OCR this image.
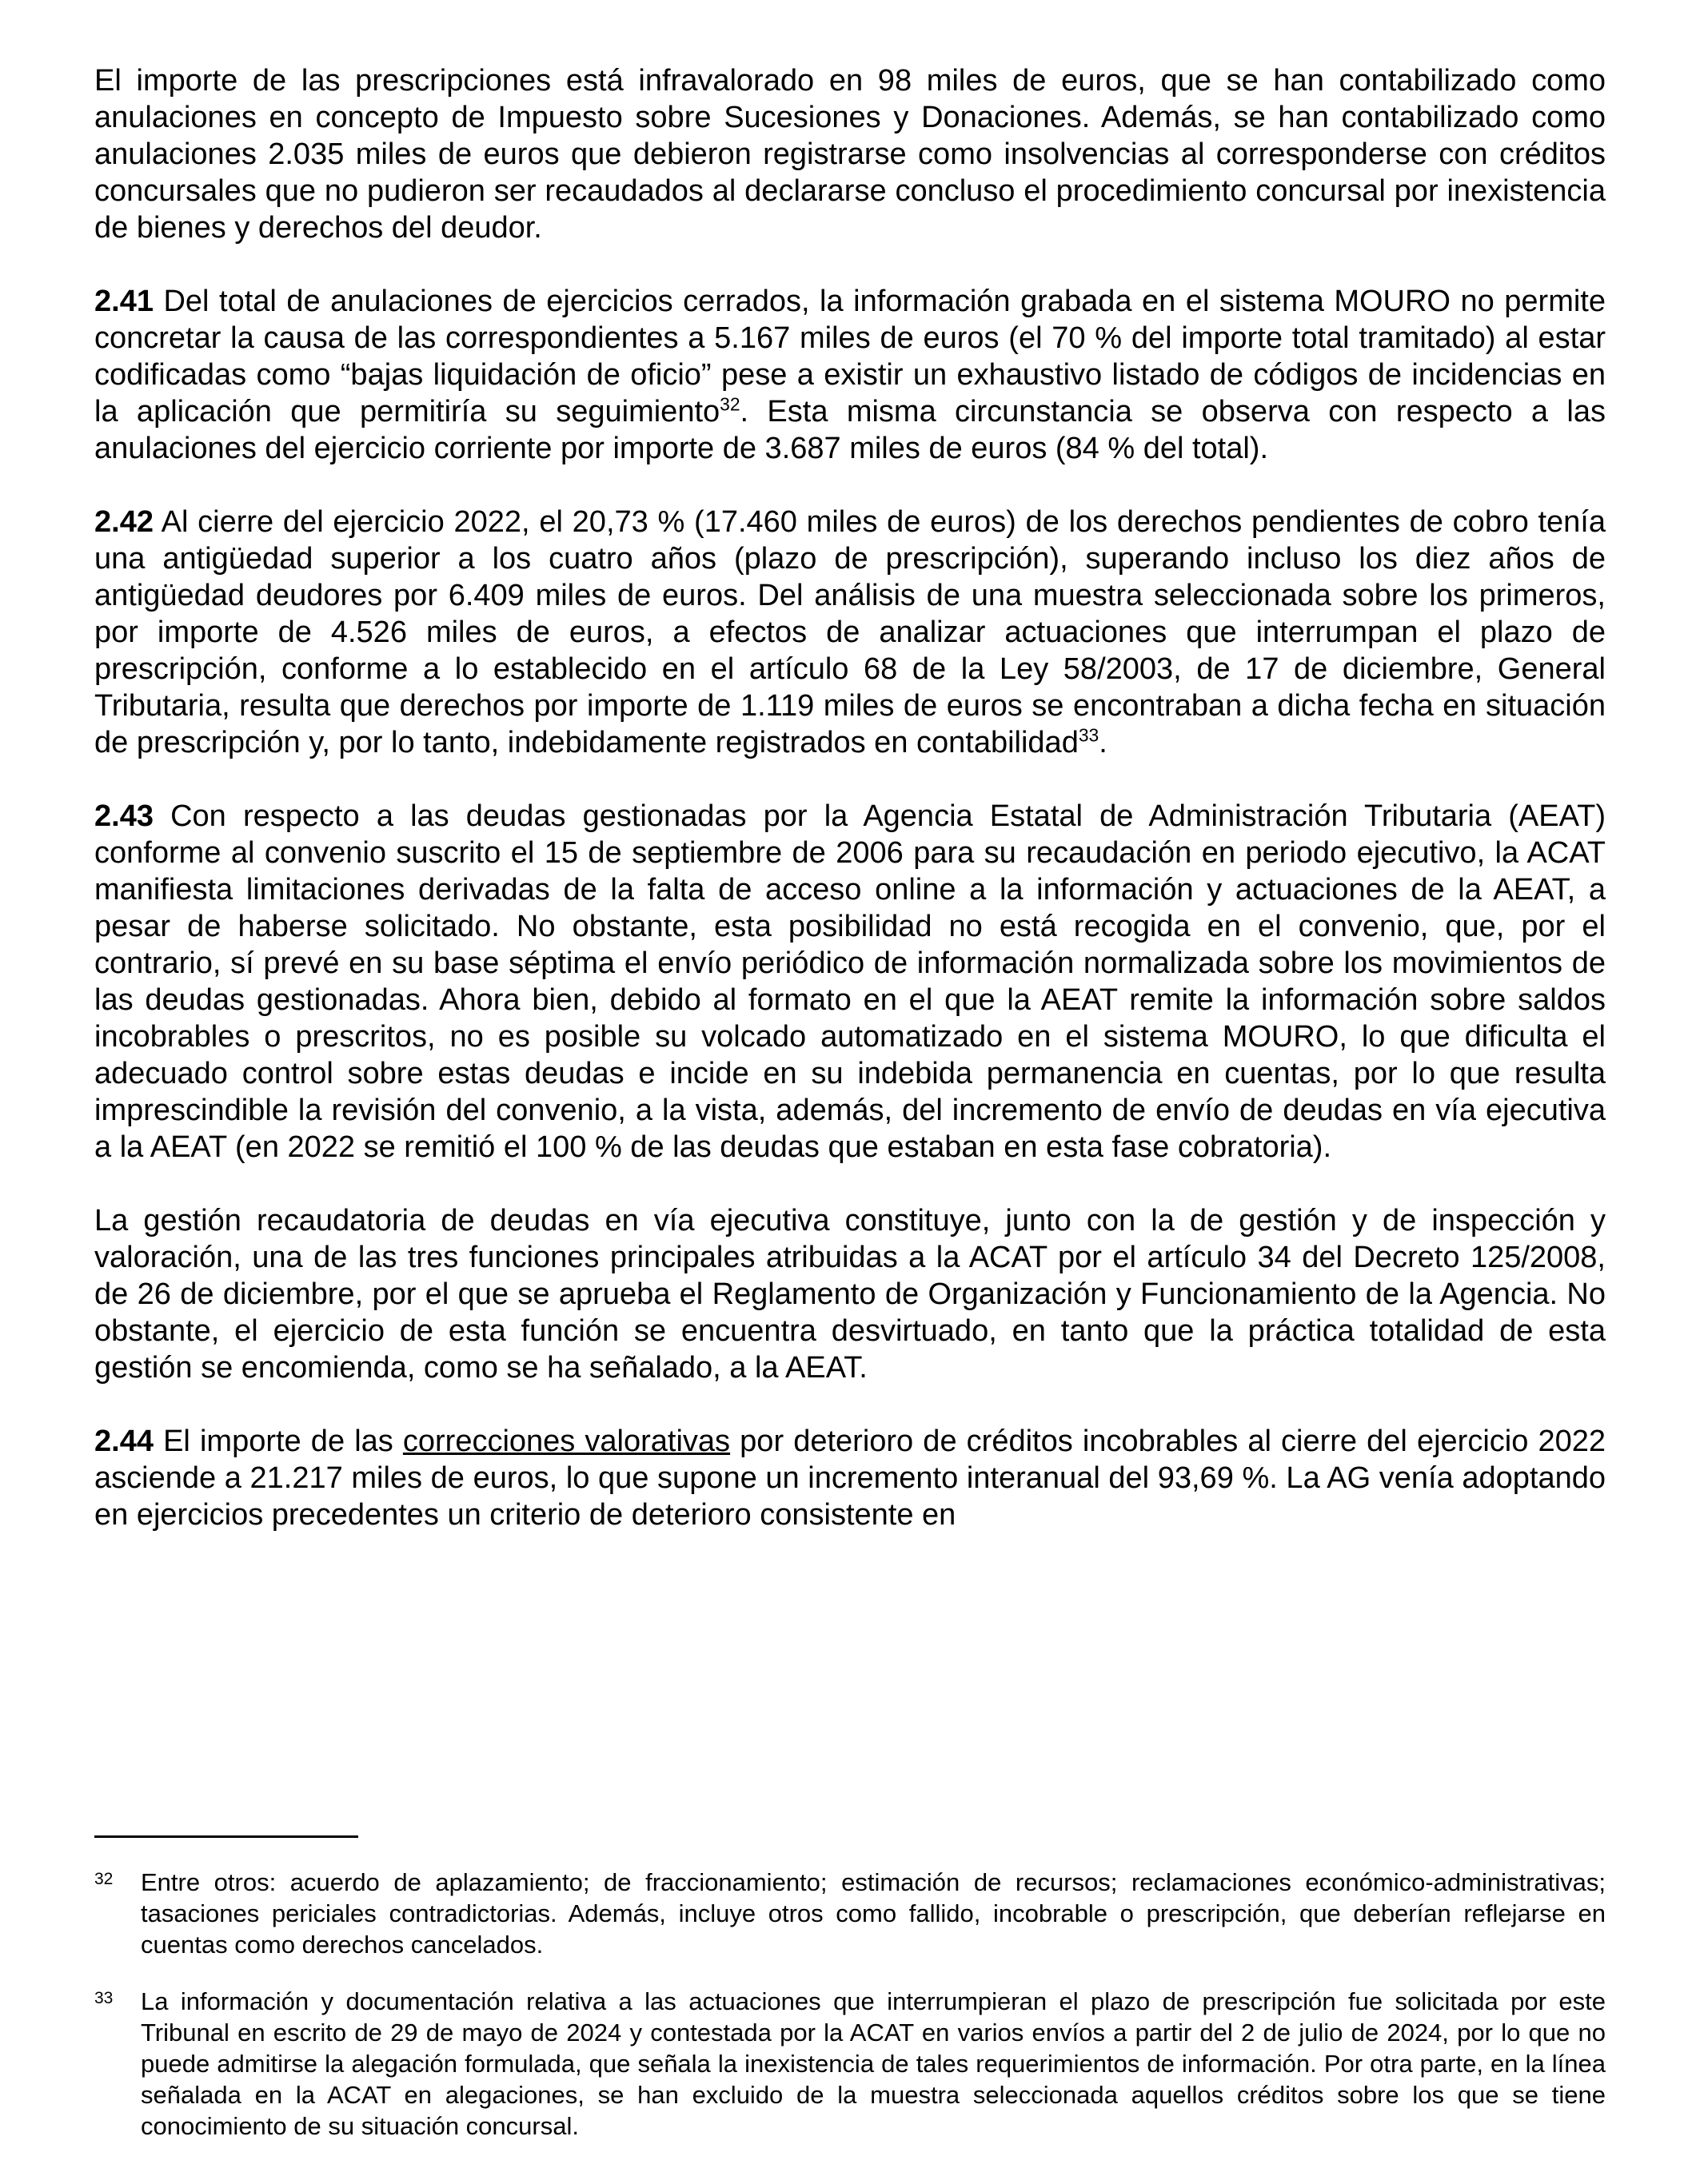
El importe de las prescripciones está infravalorado en 98 miles de euros, que se han contabilizado como anulaciones en concepto de Impuesto sobre Sucesiones y Donaciones. Además, se han contabilizado como anulaciones 2.035 miles de euros que debieron registrarse como insolvencias al corresponderse con créditos concursales que no pudieron ser recaudados al declararse concluso el procedimiento concursal por inexistencia de bienes y derechos del deudor.

2.41 Del total de anulaciones de ejercicios cerrados, la información grabada en el sistema MOURO no permite concretar la causa de las correspondientes a 5.167 miles de euros (el 70 % del importe total tramitado) al estar codificadas como “bajas liquidación de oficio” pese a existir un exhaustivo listado de códigos de incidencias en la aplicación que permitiría su seguimiento$^{32}$. Esta misma circunstancia se observa con respecto a las anulaciones del ejercicio corriente por importe de 3.687 miles de euros (84 % del total).

2.42 Al cierre del ejercicio 2022, el 20,73 % (17.460 miles de euros) de los derechos pendientes de cobro tenía una antigüedad superior a los cuatro años (plazo de prescripción), superando incluso los diez años de antigüedad deudores por 6.409 miles de euros. Del análisis de una muestra seleccionada sobre los primeros, por importe de 4.526 miles de euros, a efectos de analizar actuaciones que interrumpan el plazo de prescripción, conforme a lo establecido en el artículo 68 de la Ley 58/2003, de 17 de diciembre, General Tributaria, resulta que derechos por importe de 1.119 miles de euros se encontraban a dicha fecha en situación de prescripción y, por lo tanto, indebidamente registrados en contabilidad$^{33}$.

2.43 Con respecto a las deudas gestionadas por la Agencia Estatal de Administración Tributaria (AEAT) conforme al convenio suscrito el 15 de septiembre de 2006 para su recaudación en periodo ejecutivo, la ACAT manifiesta limitaciones derivadas de la falta de acceso online a la información y actuaciones de la AEAT, a pesar de haberse solicitado. No obstante, esta posibilidad no está recogida en el convenio, que, por el contrario, sí prevé en su base séptima el envío periódico de información normalizada sobre los movimientos de las deudas gestionadas. Ahora bien, debido al formato en el que la AEAT remite la información sobre saldos incobrables o prescritos, no es posible su volcado automatizado en el sistema MOURO, lo que dificulta el adecuado control sobre estas deudas e incide en su indebida permanencia en cuentas, por lo que resulta imprescindible la revisión del convenio, a la vista, además, del incremento de envío de deudas en vía ejecutiva a la AEAT (en 2022 se remitió el 100 % de las deudas que estaban en esta fase cobratoria).

La gestión recaudatoria de deudas en vía ejecutiva constituye, junto con la de gestión y de inspección y valoración, una de las tres funciones principales atribuidas a la ACAT por el artículo 34 del Decreto 125/2008, de 26 de diciembre, por el que se aprueba el Reglamento de Organización y Funcionamiento de la Agencia. No obstante, el ejercicio de esta función se encuentra desvirtuado, en tanto que la práctica totalidad de esta gestión se encomienda, como se ha señalado, a la AEAT.

2.44 El importe de las correcciones valorativas por deterioro de créditos incobrables al cierre del ejercicio 2022 asciende a 21.217 miles de euros, lo que supone un incremento interanual del 93,69 %. La AG venía adoptando en ejercicios precedentes un criterio de deterioro consistente en

32	Entre otros: acuerdo de aplazamiento; de fraccionamiento; estimación de recursos; reclamaciones económico-administrativas; tasaciones periciales contradictorias. Además, incluye otros como fallido, incobrable o prescripción, que deberían reflejarse en cuentas como derechos cancelados.
33	La información y documentación relativa a las actuaciones que interrumpieran el plazo de prescripción fue solicitada por este Tribunal en escrito de 29 de mayo de 2024 y contestada por la ACAT en varios envíos a partir del 2 de julio de 2024, por lo que no puede admitirse la alegación formulada, que señala la inexistencia de tales requerimientos de información. Por otra parte, en la línea señalada en la ACAT en alegaciones, se han excluido de la muestra seleccionada aquellos créditos sobre los que se tiene conocimiento de su situación concursal.
